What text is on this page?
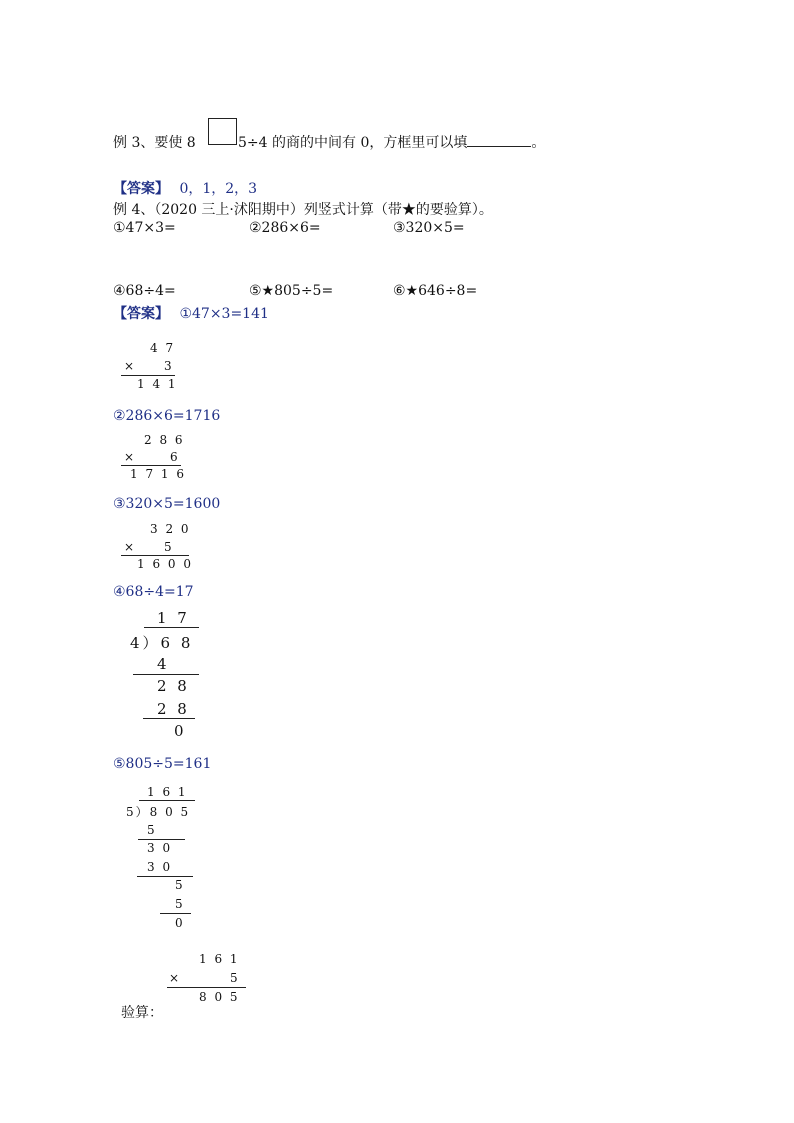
例 3、要使 8	5÷4 的商的中间有 0，方框里可以填	。
【答案】 0，1，2，3
例 4、（2020 三上·沭阳期中）列竖式计算（带★的要验算）。
①47×3=	②286×6=	③320×5=
④68÷4=	⑤★805÷5=	⑥★646÷8=
【答案】 ①47×3=141
4 7
× 3
1 4 1
②286×6=1716
2 8 6
×	6
1 7 1 6
③320×5=1600
3 2 0
× 5
1 6 0 0
④68÷4=17
1 7
4）6 8
4
2 8
2 8
0
⑤805÷5=161
1 6 1
5）8 0 5
5
3 0
3 0
5
5
0
1 6 1
×	5
8 0 5
验算：
